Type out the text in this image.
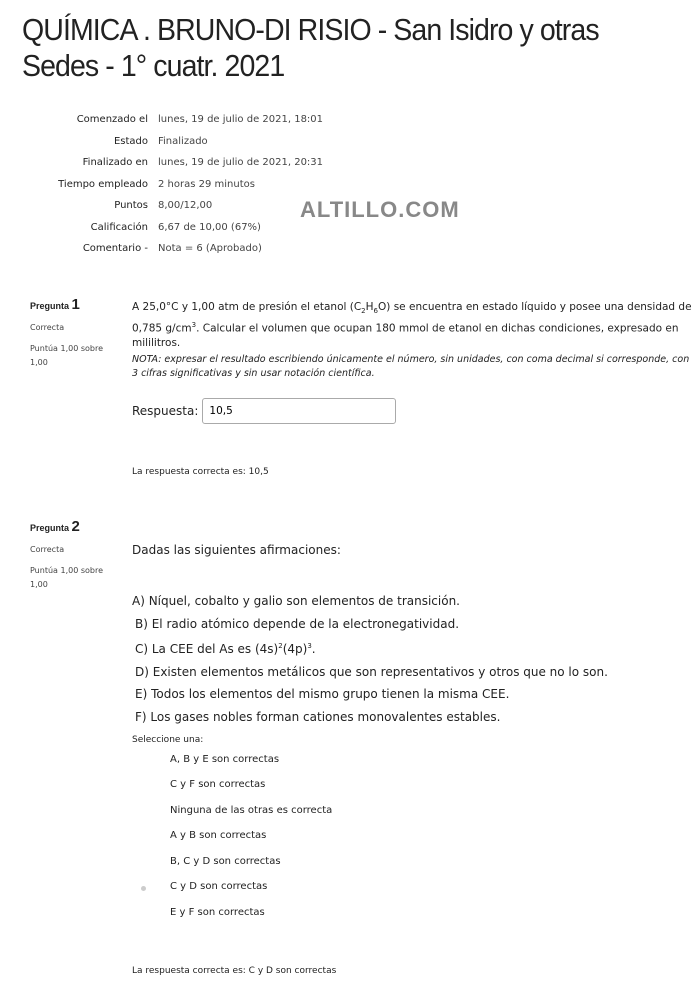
QUÍMICA . BRUNO-DI RISIO - San Isidro y otras Sedes - 1° cuatr. 2021
Comenzado el lunes, 19 de julio de 2021, 18:01
Estado Finalizado
Finalizado en lunes, 19 de julio de 2021, 20:31
Tiempo empleado 2 horas 29 minutos
Puntos 8,00/12,00
Calificación 6,67 de 10,00 (67%)
Comentario - Nota = 6 (Aprobado)
ALTILLO.COM
Pregunta 1
Correcta
Puntúa 1,00 sobre 1,00
A 25,0°C y 1,00 atm de presión el etanol $(C_2H_6O)$ se encuentra en estado líquido y posee una densidad de 0,785 $g/cm^3$. Calcular el volumen que ocupan 180 mmol de etanol en dichas condiciones, expresado en mililitros.
NOTA: expresar el resultado escribiendo únicamente el número, sin unidades, con coma decimal si corresponde, con 3 cifras significativas y sin usar notación científica.
Respuesta:
10,5
La respuesta correcta es: 10,5
Pregunta 2
Correcta
Puntúa 1,00 sobre 1,00
Dadas las siguientes afirmaciones:
A) Níquel, cobalto y galio son elementos de transición.
B) El radio atómico depende de la electronegatividad.
C) La CEE del As es $(4s)^2(4p)^3$.
D) Existen elementos metálicos que son representativos y otros que no lo son.
E) Todos los elementos del mismo grupo tienen la misma CEE.
F) Los gases nobles forman cationes monovalentes estables.
Seleccione una:
A, B y E son correctas
C y F son correctas
Ninguna de las otras es correcta
A y B son correctas
B, C y D son correctas
C y D son correctas
E y F son correctas
La respuesta correcta es: C y D son correctas
